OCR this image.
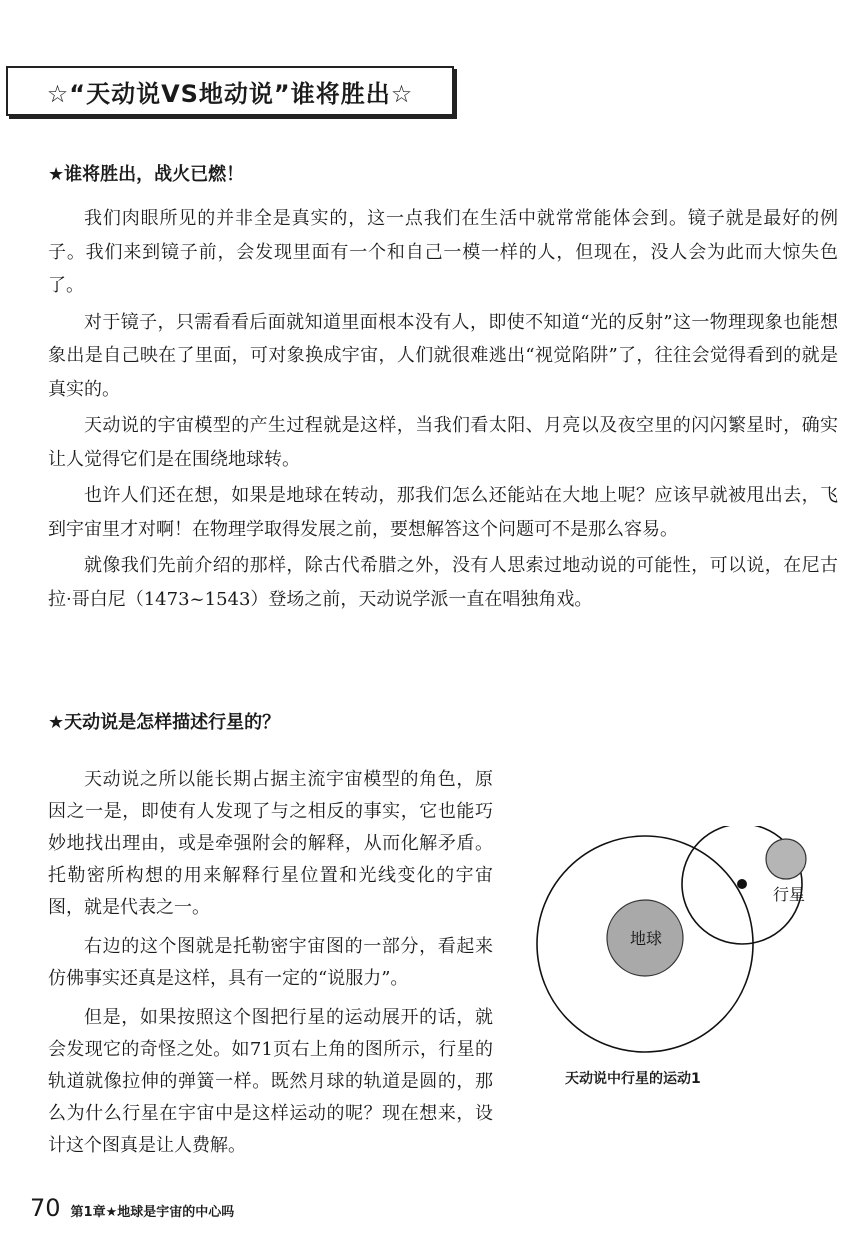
☆“天动说VS地动说”谁将胜出☆
★谁将胜出，战火已燃！

我们肉眼所见的并非全是真实的，这一点我们在生活中就常常能体会到。镜子就是最好的例子。我们来到镜子前，会发现里面有一个和自己一模一样的人，但现在，没人会为此而大惊失色了。

对于镜子，只需看看后面就知道里面根本没有人，即使不知道“光的反射”这一物理现象也能想象出是自己映在了里面，可对象换成宇宙，人们就很难逃出“视觉陷阱”了，往往会觉得看到的就是真实的。

天动说的宇宙模型的产生过程就是这样，当我们看太阳、月亮以及夜空里的闪闪繁星时，确实让人觉得它们是在围绕地球转。

也许人们还在想，如果是地球在转动，那我们怎么还能站在大地上呢？应该早就被甩出去，飞到宇宙里才对啊！在物理学取得发展之前，要想解答这个问题可不是那么容易。

就像我们先前介绍的那样，除古代希腊之外，没有人思索过地动说的可能性，可以说，在尼古拉·哥白尼（1473~1543）登场之前，天动说学派一直在唱独角戏。

★天动说是怎样描述行星的？

天动说之所以能长期占据主流宇宙模型的角色，原因之一是，即使有人发现了与之相反的事实，它也能巧妙地找出理由，或是牵强附会的解释，从而化解矛盾。托勒密所构想的用来解释行星位置和光线变化的宇宙图，就是代表之一。

右边的这个图就是托勒密宇宙图的一部分，看起来仿佛事实还真是这样，具有一定的“说服力”。

但是，如果按照这个图把行星的运动展开的话，就会发现它的奇怪之处。如71页右上角的图所示，行星的轨道就像拉伸的弹簧一样。既然月球的轨道是圆的，那么为什么行星在宇宙中是这样运动的呢？现在想来，设计这个图真是让人费解。

地球
行星
天动说中行星的运动1
70 第1章★地球是宇宙的中心吗
